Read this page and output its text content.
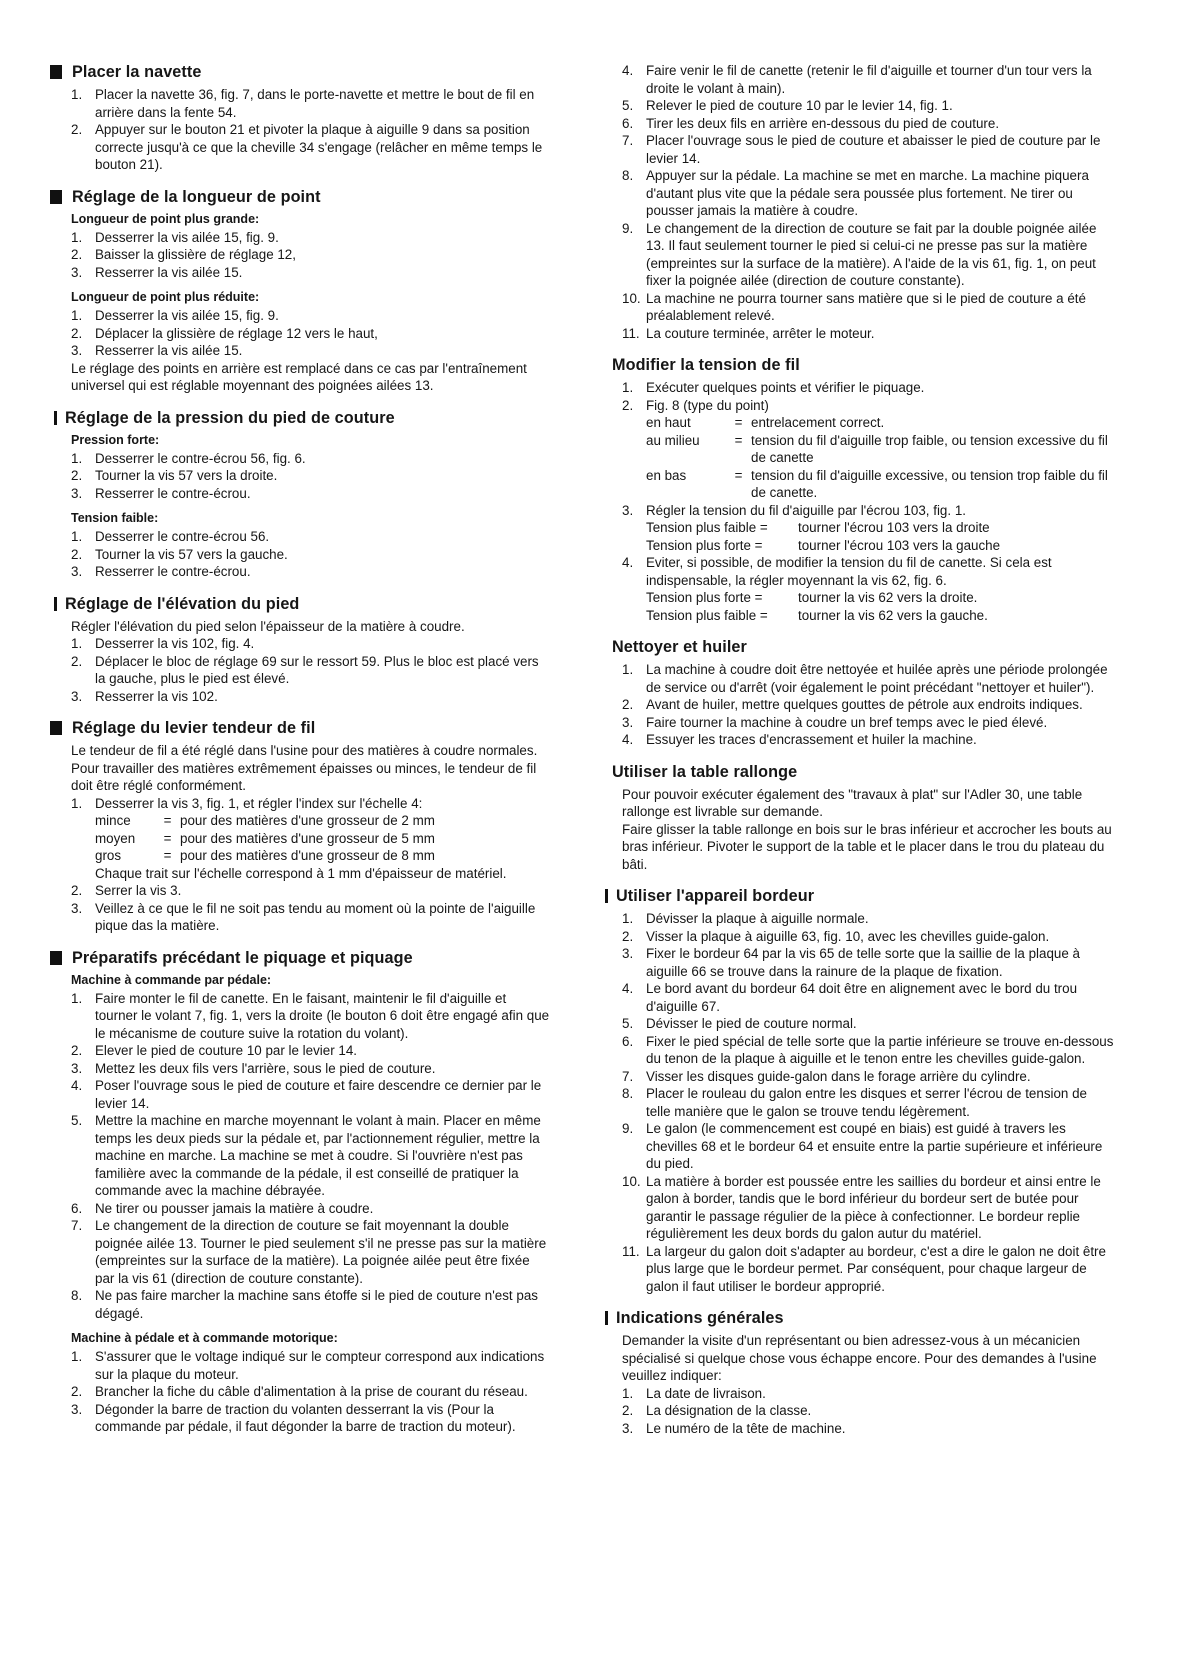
Placer la navette
1. Placer la navette 36, fig. 7, dans le porte-navette et mettre le bout de fil en arrière dans la fente 54.
2. Appuyer sur le bouton 21 et pivoter la plaque à aiguille 9 dans sa position correcte jusqu'à ce que la cheville 34 s'engage (relâcher en même temps le bouton 21).
Réglage de la longueur de point
Longueur de point plus grande:
1. Desserrer la vis ailée 15, fig. 9.
2. Baisser la glissière de réglage 12,
3. Resserrer la vis ailée 15.
Longueur de point plus réduite:
1. Desserrer la vis ailée 15, fig. 9.
2. Déplacer la glissière de réglage 12 vers le haut,
3. Resserrer la vis ailée 15.
Le réglage des points en arrière est remplacé dans ce cas par l'entraînement universel qui est réglable moyennant des poignées ailées 13.
Réglage de la pression du pied de couture
Pression forte:
1. Desserrer le contre-écrou 56, fig. 6.
2. Tourner la vis 57 vers la droite.
3. Resserrer le contre-écrou.
Tension faible:
1. Desserrer le contre-écrou 56.
2. Tourner la vis 57 vers la gauche.
3. Resserrer le contre-écrou.
Réglage de l'élévation du pied
Régler l'élévation du pied selon l'épaisseur de la matière à coudre.
1. Desserrer la vis 102, fig. 4.
2. Déplacer le bloc de réglage 69 sur le ressort 59. Plus le bloc est placé vers la gauche, plus le pied est élevé.
3. Resserrer la vis 102.
Réglage du levier tendeur de fil
Le tendeur de fil a été réglé dans l'usine pour des matières à coudre normales.
Pour travailler des matières extrêmement épaisses ou minces, le tendeur de fil doit être réglé conformément.
1. Desserrer la vis 3, fig. 1, et régler l'index sur l'échelle 4:
mince	= pour des matières d'une grosseur de 2 mm
moyen	= pour des matières d'une grosseur de 5 mm
gros	= pour des matières d'une grosseur de 8 mm
Chaque trait sur l'échelle correspond à 1 mm d'épaisseur de matériel.
2. Serrer la vis 3.
3. Veillez à ce que le fil ne soit pas tendu au moment où la pointe de l'aiguille pique das la matière.
Préparatifs précédant le piquage et piquage
Machine à commande par pédale:
1. Faire monter le fil de canette. En le faisant, maintenir le fil d'aiguille et tourner le volant 7, fig. 1, vers la droite (le bouton 6 doit être engagé afin que le mécanisme de couture suive la rotation du volant).
2. Elever le pied de couture 10 par le levier 14.
3. Mettez les deux fils vers l'arrière, sous le pied de couture.
4. Poser l'ouvrage sous le pied de couture et faire descendre ce dernier par le levier 14.
5. Mettre la machine en marche moyennant le volant à main. Placer en même temps les deux pieds sur la pédale et, par l'actionnement régulier, mettre la machine en marche. La machine se met à coudre. Si l'ouvrière n'est pas familière avec la commande de la pédale, il est conseillé de pratiquer la commande avec la machine débrayée.
6. Ne tirer ou pousser jamais la matière à coudre.
7. Le changement de la direction de couture se fait moyennant la double poignée ailée 13. Tourner le pied seulement s'il ne presse pas sur la matière (empreintes sur la surface de la matière). La poignée ailée peut être fixée par la vis 61 (direction de couture constante).
8. Ne pas faire marcher la machine sans étoffe si le pied de couture n'est pas dégagé.
Machine à pédale et à commande motorique:
1. S'assurer que le voltage indiqué sur le compteur correspond aux indications sur la plaque du moteur.
2. Brancher la fiche du câble d'alimentation à la prise de courant du réseau.
3. Dégonder la barre de traction du volanten desserrant la vis (Pour la commande par pédale, il faut dégonder la barre de traction du moteur).
4. Faire venir le fil de canette (retenir le fil d'aiguille et tourner d'un tour vers la droite le volant à main).
5. Relever le pied de couture 10 par le levier 14, fig. 1.
6. Tirer les deux fils en arrière en-dessous du pied de couture.
7. Placer l'ouvrage sous le pied de couture et abaisser le pied de couture par le levier 14.
8. Appuyer sur la pédale. La machine se met en marche. La machine piquera d'autant plus vite que la pédale sera poussée plus fortement. Ne tirer ou pousser jamais la matière à coudre.
9. Le changement de la direction de couture se fait par la double poignée ailée 13. Il faut seulement tourner le pied si celui-ci ne presse pas sur la matière (empreintes sur la surface de la matière). A l'aide de la vis 61, fig. 1, on peut fixer la poignée ailée (direction de couture constante).
10. La machine ne pourra tourner sans matière que si le pied de couture a été préalablement relevé.
11. La couture terminée, arrêter le moteur.
Modifier la tension de fil
1. Exécuter quelques points et vérifier le piquage.
2. Fig. 8 (type du point)
en haut	= entrelacement correct.
au milieu	= tension du fil d'aiguille trop faible, ou tension excessive du fil de canette
en bas	= tension du fil d'aiguille excessive, ou tension trop faible du fil de canette.
3. Régler la tension du fil d'aiguille par l'écrou 103, fig. 1.
Tension plus faible =	tourner l'écrou 103 vers la droite
Tension plus forte =	tourner l'écrou 103 vers la gauche
4. Eviter, si possible, de modifier la tension du fil de canette. Si cela est indispensable, la régler moyennant la vis 62, fig. 6.
Tension plus forte =	tourner la vis 62 vers la droite.
Tension plus faible =	tourner la vis 62 vers la gauche.
Nettoyer et huiler
1. La machine à coudre doit être nettoyée et huilée après une période prolongée de service ou d'arrêt (voir également le point précédant "nettoyer et huiler").
2. Avant de huiler, mettre quelques gouttes de pétrole aux endroits indiques.
3. Faire tourner la machine à coudre un bref temps avec le pied élevé.
4. Essuyer les traces d'encrassement et huiler la machine.
Utiliser la table rallonge
Pour pouvoir exécuter également des "travaux à plat" sur l'Adler 30, une table rallonge est livrable sur demande.
Faire glisser la table rallonge en bois sur le bras inférieur et accrocher les bouts au bras inférieur. Pivoter le support de la table et le placer dans le trou du plateau du bâti.
Utiliser l'appareil bordeur
1. Dévisser la plaque à aiguille normale.
2. Visser la plaque à aiguille 63, fig. 10, avec les chevilles guide-galon.
3. Fixer le bordeur 64 par la vis 65 de telle sorte que la saillie de la plaque à aiguille 66 se trouve dans la rainure de la plaque de fixation.
4. Le bord avant du bordeur 64 doit être en alignement avec le bord du trou d'aiguille 67.
5. Dévisser le pied de couture normal.
6. Fixer le pied spécial de telle sorte que la partie inférieure se trouve en-dessous du tenon de la plaque à aiguille et le tenon entre les chevilles guide-galon.
7. Visser les disques guide-galon dans le forage arrière du cylindre.
8. Placer le rouleau du galon entre les disques et serrer l'écrou de tension de telle manière que le galon se trouve tendu légèrement.
9. Le galon (le commencement est coupé en biais) est guidé à travers les chevilles 68 et le bordeur 64 et ensuite entre la partie supérieure et inférieure du pied.
10. La matière à border est poussée entre les saillies du bordeur et ainsi entre le galon à border, tandis que le bord inférieur du bordeur sert de butée pour garantir le passage régulier de la pièce à confectionner. Le bordeur replie régulièrement les deux bords du galon autur du matériel.
11. La largeur du galon doit s'adapter au bordeur, c'est a dire le galon ne doit être plus large que le bordeur permet. Par conséquent, pour chaque largeur de galon il faut utiliser le bordeur approprié.
Indications générales
Demander la visite d'un représentant ou bien adressez-vous à un mécanicien spécialisé si quelque chose vous échappe encore. Pour des demandes à l'usine veuillez indiquer:
1. La date de livraison.
2. La désignation de la classe.
3. Le numéro de la tête de machine.
